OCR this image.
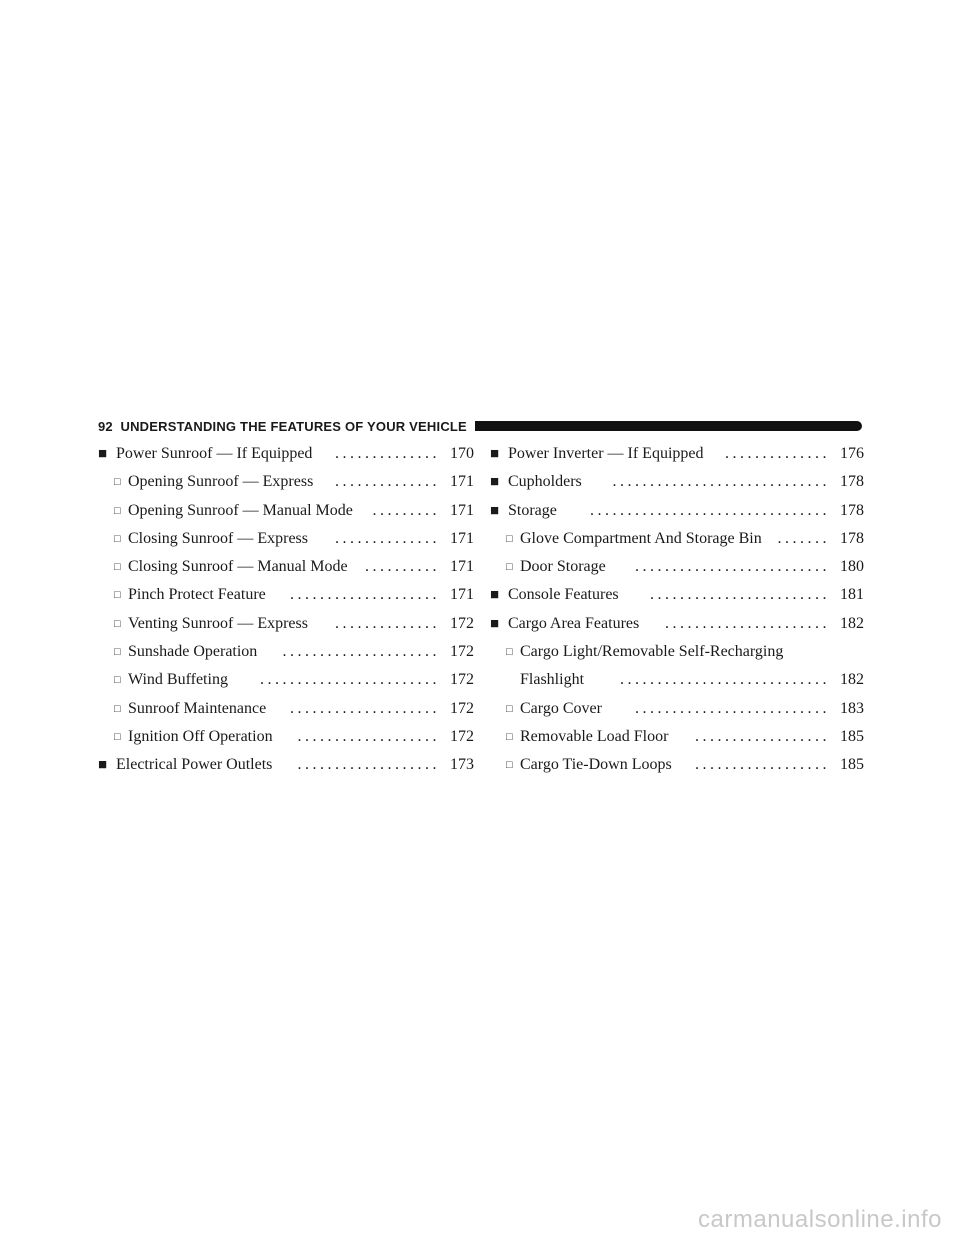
92 UNDERSTANDING THE FEATURES OF YOUR VEHICLE
■ Power Sunroof — If Equipped	.............. 170
□ Opening Sunroof — Express	.............. 171
□ Opening Sunroof — Manual Mode	......... 171
□ Closing Sunroof — Express	.............. 171
□ Closing Sunroof — Manual Mode	.......... 171
□ Pinch Protect Feature	.................... 171
□ Venting Sunroof — Express	.............. 172
□ Sunshade Operation	..................... 172
□ Wind Buffeting	........................ 172
□ Sunroof Maintenance	.................... 172
□ Ignition Off Operation	................... 172
■ Electrical Power Outlets	................... 173
■ Power Inverter — If Equipped	.............. 176
■ Cupholders	............................. 178
■ Storage	................................ 178
□ Glove Compartment And Storage Bin ....... 178
□ Door Storage	.......................... 180
■ Console Features	........................ 181
■ Cargo Area Features	...................... 182
□ Cargo Light/Removable Self-Recharging
Flashlight	............................ 182
□ Cargo Cover	.......................... 183
□ Removable Load Floor	.................. 185
□ Cargo Tie-Down Loops	.................. 185
carmanualsonline.info
